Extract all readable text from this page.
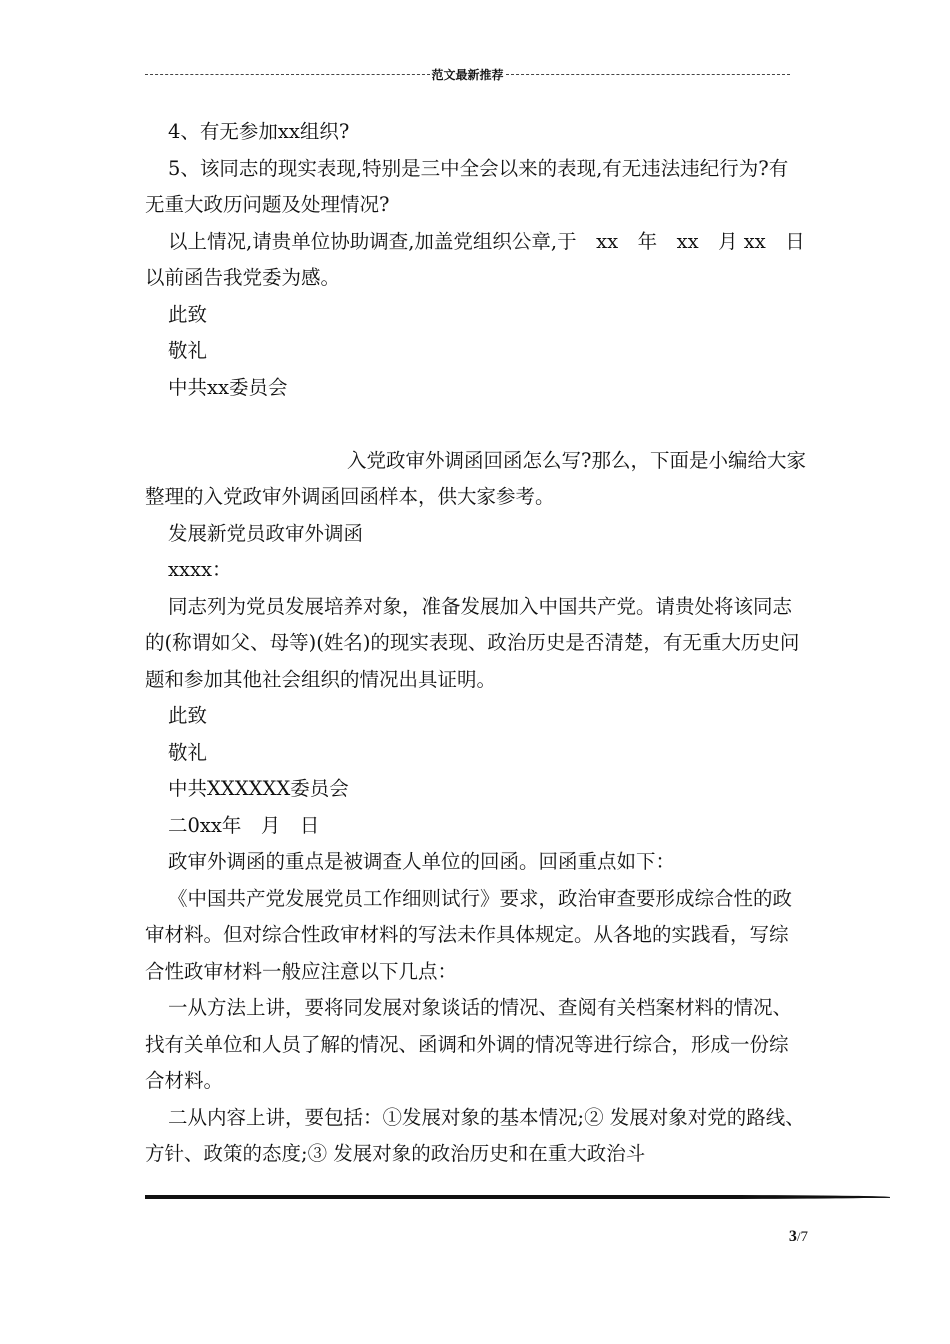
范文最新推荐

4、有无参加xx组织?

5、该同志的现实表现,特别是三中全会以来的表现,有无违法违纪行为?有无重大政历问题及处理情况?

以上情况,请贵单位协助调查,加盖党组织公章,于　xx　年　xx　月 xx　日以前函告我党委为感。

此致

敬礼

中共xx委员会

入党政审外调函回函怎么写?那么，下面是小编给大家整理的入党政审外调函回函样本，供大家参考。

发展新党员政审外调函

xxxx：

同志列为党员发展培养对象，准备发展加入中国共产党。请贵处将该同志的(称谓如父、母等)(姓名)的现实表现、政治历史是否清楚，有无重大历史问题和参加其他社会组织的情况出具证明。

此致

敬礼

中共XXXXXX委员会

二0xx年　月　日

政审外调函的重点是被调查人单位的回函。回函重点如下：

《中国共产党发展党员工作细则试行》要求，政治审查要形成综合性的政审材料。但对综合性政审材料的写法未作具体规定。从各地的实践看，写综合性政审材料一般应注意以下几点：

一从方法上讲，要将同发展对象谈话的情况、查阅有关档案材料的情况、找有关单位和人员了解的情况、函调和外调的情况等进行综合，形成一份综合材料。

二从内容上讲，要包括：①发展对象的基本情况;② 发展对象对党的路线、方针、政策的态度;③ 发展对象的政治历史和在重大政治斗

3/7
